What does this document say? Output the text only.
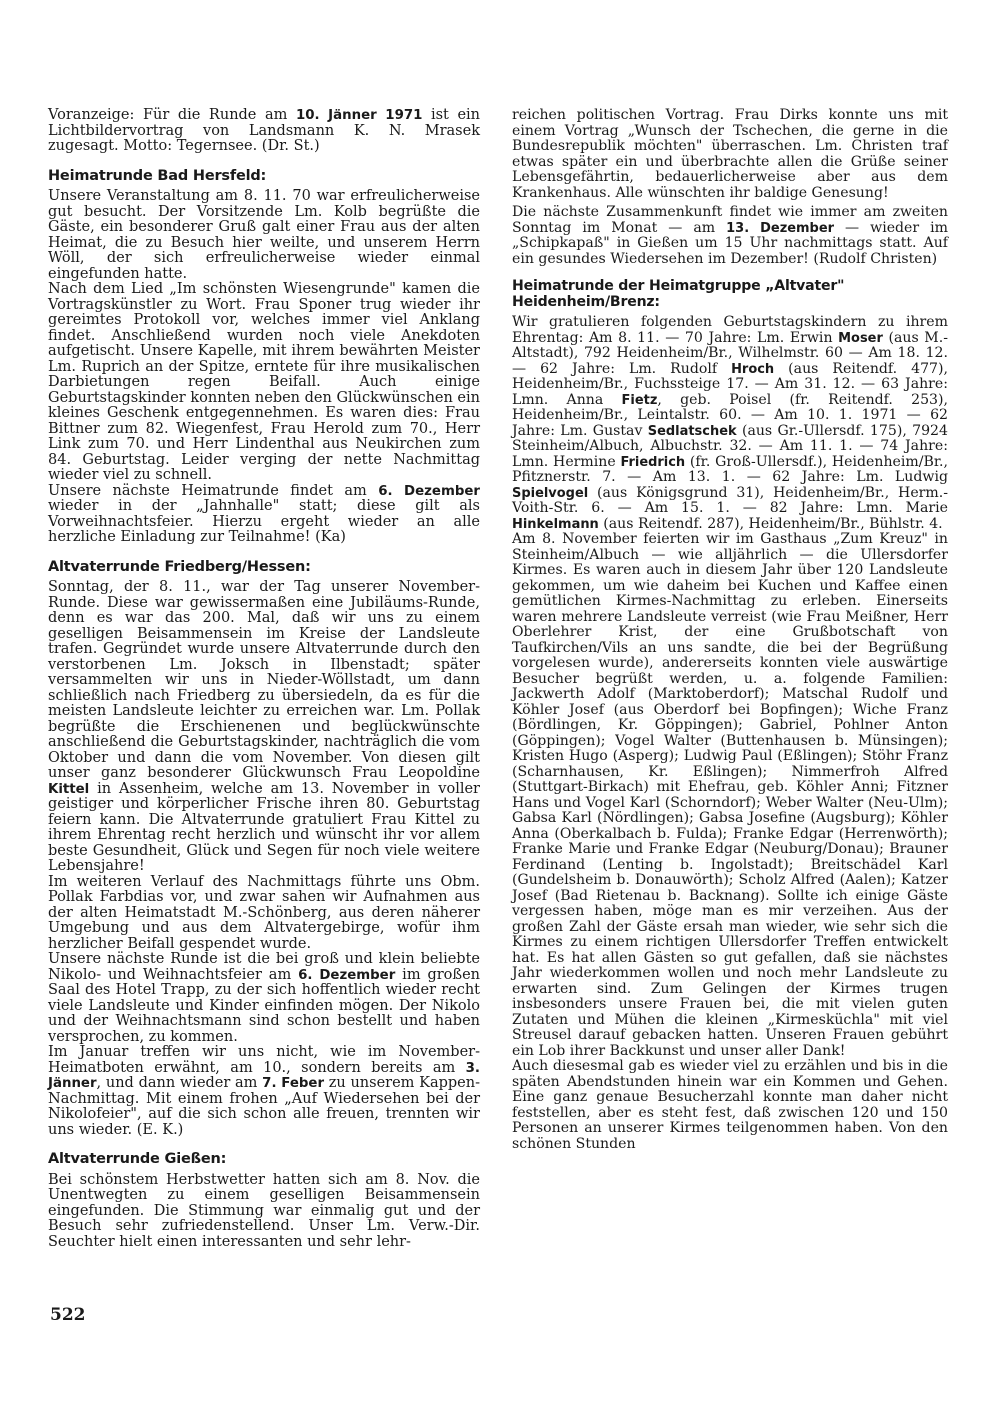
Voranzeige: Für die Runde am 10. Jänner 1971 ist ein Lichtbildervortrag von Landsmann K. N. Mrasek zugesagt. Motto: Tegernsee. (Dr. St.)

Heimatrunde Bad Hersfeld:

Unsere Veranstaltung am 8. 11. 70 war erfreulicherweise gut besucht. Der Vorsitzende Lm. Kolb begrüßte die Gäste, ein besonderer Gruß galt einer Frau aus der alten Heimat, die zu Besuch hier weilte, und unserem Herrn Wöll, der sich erfreulicherweise wieder einmal eingefunden hatte.

Nach dem Lied „Im schönsten Wiesengrunde" kamen die Vortragskünstler zu Wort. Frau Sponer trug wieder ihr gereimtes Protokoll vor, welches immer viel Anklang findet. Anschließend wurden noch viele Anekdoten aufgetischt. Unsere Kapelle, mit ihrem bewährten Meister Lm. Ruprich an der Spitze, erntete für ihre musikalischen Darbietungen regen Beifall. Auch einige Geburtstagskinder konnten neben den Glückwünschen ein kleines Geschenk entgegennehmen. Es waren dies: Frau Bittner zum 82. Wiegenfest, Frau Herold zum 70., Herr Link zum 70. und Herr Lindenthal aus Neukirchen zum 84. Geburtstag. Leider verging der nette Nachmittag wieder viel zu schnell.

Unsere nächste Heimatrunde findet am 6. Dezember wieder in der „Jahnhalle" statt; diese gilt als Vorweihnachtsfeier. Hierzu ergeht wieder an alle herzliche Einladung zur Teilnahme! (Ka)

Altvaterrunde Friedberg/Hessen:

Sonntag, der 8. 11., war der Tag unserer November-Runde. Diese war gewissermaßen eine Jubiläums-Runde, denn es war das 200. Mal, daß wir uns zu einem geselligen Beisammensein im Kreise der Landsleute trafen. Gegründet wurde unsere Altvaterrunde durch den verstorbenen Lm. Joksch in Ilbenstadt; später versammelten wir uns in Nieder-Wöllstadt, um dann schließlich nach Friedberg zu übersiedeln, da es für die meisten Landsleute leichter zu erreichen war. Lm. Pollak begrüßte die Erschienenen und beglückwünschte anschließend die Geburtstagskinder, nachträglich die vom Oktober und dann die vom November. Von diesen gilt unser ganz besonderer Glückwunsch Frau Leopoldine Kittel in Assenheim, welche am 13. November in voller geistiger und körperlicher Frische ihren 80. Geburtstag feiern kann. Die Altvaterrunde gratuliert Frau Kittel zu ihrem Ehrentag recht herzlich und wünscht ihr vor allem beste Gesundheit, Glück und Segen für noch viele weitere Lebensjahre!

Im weiteren Verlauf des Nachmittags führte uns Obm. Pollak Farbdias vor, und zwar sahen wir Aufnahmen aus der alten Heimatstadt M.-Schönberg, aus deren näherer Umgebung und aus dem Altvatergebirge, wofür ihm herzlicher Beifall gespendet wurde.

Unsere nächste Runde ist die bei groß und klein beliebte Nikolo- und Weihnachtsfeier am 6. Dezember im großen Saal des Hotel Trapp, zu der sich hoffentlich wieder recht viele Landsleute und Kinder einfinden mögen. Der Nikolo und der Weihnachtsmann sind schon bestellt und haben versprochen, zu kommen.

Im Januar treffen wir uns nicht, wie im November-Heimatboten erwähnt, am 10., sondern bereits am 3. Jänner, und dann wieder am 7. Feber zu unserem Kappen-Nachmittag. Mit einem frohen „Auf Wiedersehen bei der Nikolofeier", auf die sich schon alle freuen, trennten wir uns wieder. (E. K.)

Altvaterrunde Gießen:

Bei schönstem Herbstwetter hatten sich am 8. Nov. die Unentwegten zu einem geselligen Beisammensein eingefunden. Die Stimmung war einmalig gut und der Besuch sehr zufriedenstellend. Unser Lm. Verw.-Dir. Seuchter hielt einen interessanten und sehr lehr-

reichen politischen Vortrag. Frau Dirks konnte uns mit einem Vortrag „Wunsch der Tschechen, die gerne in die Bundesrepublik möchten" überraschen. Lm. Christen traf etwas später ein und überbrachte allen die Grüße seiner Lebensgefährtin, bedauerlicherweise aber aus dem Krankenhaus. Alle wünschten ihr baldige Genesung!

Die nächste Zusammenkunft findet wie immer am zweiten Sonntag im Monat — am 13. Dezember — wieder im „Schipkapaß" in Gießen um 15 Uhr nachmittags statt. Auf ein gesundes Wiedersehen im Dezember! (Rudolf Christen)

Heimatrunde der Heimatgruppe „Altvater"
Heidenheim/Brenz:

Wir gratulieren folgenden Geburtstagskindern zu ihrem Ehrentag: Am 8. 11. — 70 Jahre: Lm. Erwin Moser (aus M.-Altstadt), 792 Heidenheim/Br., Wilhelmstr. 60 — Am 18. 12. — 62 Jahre: Lm. Rudolf Hroch (aus Reitendf. 477), Heidenheim/Br., Fuchssteige 17. — Am 31. 12. — 63 Jahre: Lmn. Anna Fietz, geb. Poisel (fr. Reitendf. 253), Heidenheim/Br., Leintalstr. 60. — Am 10. 1. 1971 — 62 Jahre: Lm. Gustav Sedlatschek (aus Gr.-Ullersdf. 175), 7924 Steinheim/Albuch, Albuchstr. 32. — Am 11. 1. — 74 Jahre: Lmn. Hermine Friedrich (fr. Groß-Ullersdf.), Heidenheim/Br., Pfitznerstr. 7. — Am 13. 1. — 62 Jahre: Lm. Ludwig Spielvogel (aus Königsgrund 31), Heidenheim/Br., Herm.-Voith-Str. 6. — Am 15. 1. — 82 Jahre: Lmn. Marie Hinkelmann (aus Reitendf. 287), Heidenheim/Br., Bühlstr. 4.

Am 8. November feierten wir im Gasthaus „Zum Kreuz" in Steinheim/Albuch — wie alljährlich — die Ullersdorfer Kirmes. Es waren auch in diesem Jahr über 120 Landsleute gekommen, um wie daheim bei Kuchen und Kaffee einen gemütlichen Kirmes-Nachmittag zu erleben. Einerseits waren mehrere Landsleute verreist (wie Frau Meißner, Herr Oberlehrer Krist, der eine Grußbotschaft von Taufkirchen/Vils an uns sandte, die bei der Begrüßung vorgelesen wurde), andererseits konnten viele auswärtige Besucher begrüßt werden, u. a. folgende Familien: Jackwerth Adolf (Marktoberdorf); Matschal Rudolf und Köhler Josef (aus Oberdorf bei Bopfingen); Wiche Franz (Bördlingen, Kr. Göppingen); Gabriel, Pohlner Anton (Göppingen); Vogel Walter (Buttenhausen b. Münsingen); Kristen Hugo (Asperg); Ludwig Paul (Eßlingen); Stöhr Franz (Scharnhausen, Kr. Eßlingen); Nimmerfroh Alfred (Stuttgart-Birkach) mit Ehefrau, geb. Köhler Anni; Fitzner Hans und Vogel Karl (Schorndorf); Weber Walter (Neu-Ulm); Gabsa Karl (Nördlingen); Gabsa Josefine (Augsburg); Köhler Anna (Oberkalbach b. Fulda); Franke Edgar (Herrenwörth); Franke Marie und Franke Edgar (Neuburg/Donau); Brauner Ferdinand (Lenting b. Ingolstadt); Breitschädel Karl (Gundelsheim b. Donauwörth); Scholz Alfred (Aalen); Katzer Josef (Bad Rietenau b. Backnang). Sollte ich einige Gäste vergessen haben, möge man es mir verzeihen. Aus der großen Zahl der Gäste ersah man wieder, wie sehr sich die Kirmes zu einem richtigen Ullersdorfer Treffen entwickelt hat. Es hat allen Gästen so gut gefallen, daß sie nächstes Jahr wiederkommen wollen und noch mehr Landsleute zu erwarten sind. Zum Gelingen der Kirmes trugen insbesonders unsere Frauen bei, die mit vielen guten Zutaten und Mühen die kleinen „Kirmesküchla" mit viel Streusel darauf gebacken hatten. Unseren Frauen gebührt ein Lob ihrer Backkunst und unser aller Dank!

Auch diesesmal gab es wieder viel zu erzählen und bis in die späten Abendstunden hinein war ein Kommen und Gehen. Eine ganz genaue Besucherzahl konnte man daher nicht feststellen, aber es steht fest, daß zwischen 120 und 150 Personen an unserer Kirmes teilgenommen haben. Von den schönen Stunden

522
